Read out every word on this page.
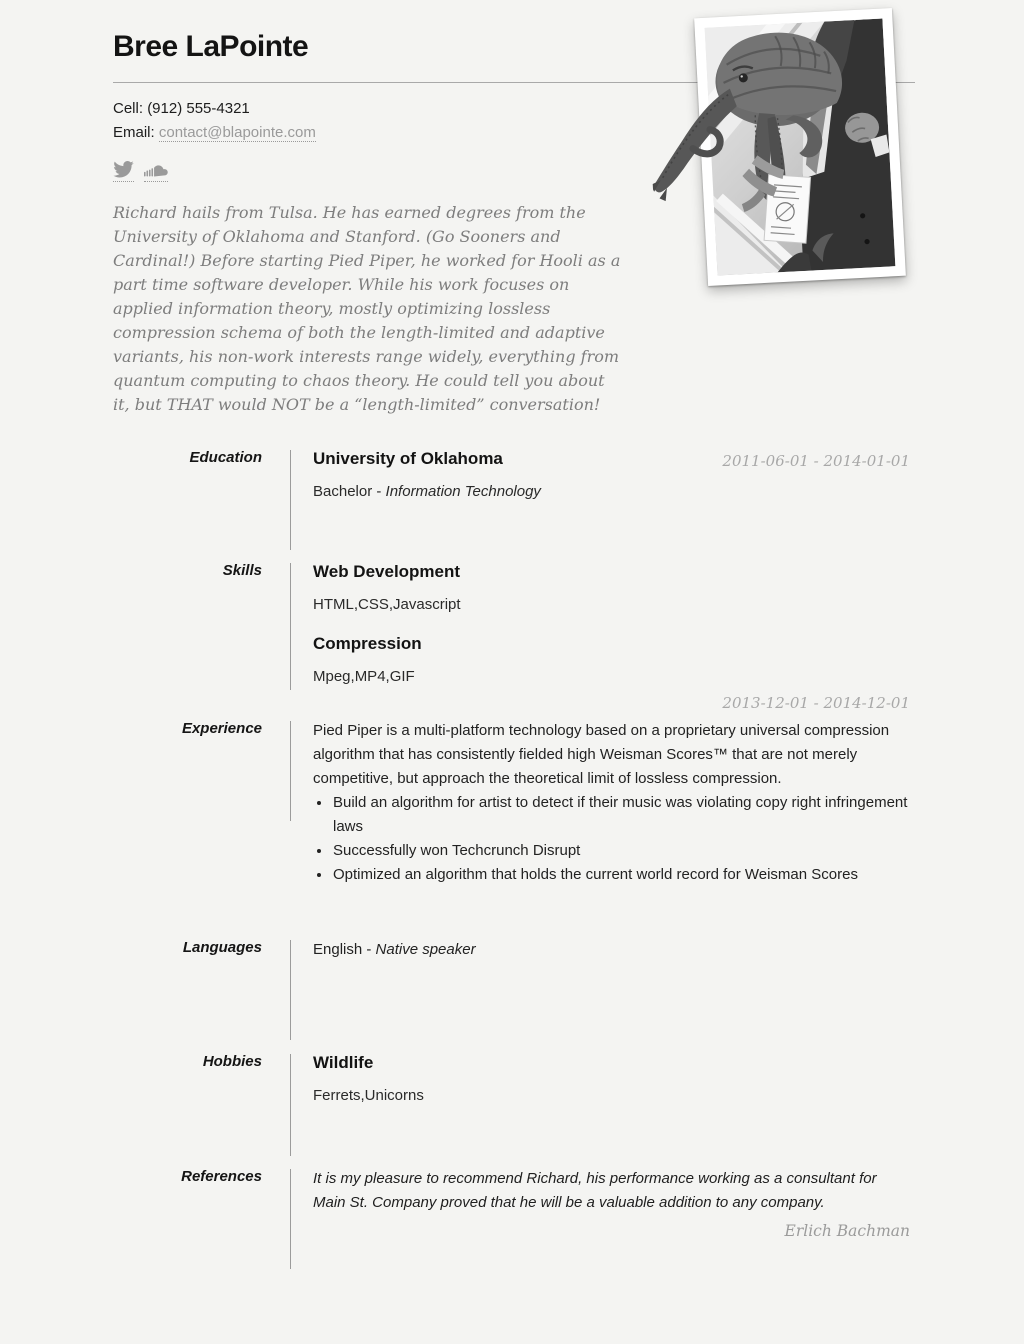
Bree LaPointe
Cell: (912) 555-4321
Email: contact@blapointe.com

Richard hails from Tulsa. He has earned degrees from the University of Oklahoma and Stanford. (Go Sooners and Cardinal!) Before starting Pied Piper, he worked for Hooli as a part time software developer. While his work focuses on applied information theory, mostly optimizing lossless compression schema of both the length-limited and adaptive variants, his non-work interests range widely, everything from quantum computing to chaos theory. He could tell you about it, but THAT would NOT be a “length-limited” conversation!

Education	2011-06-01 - 2014-01-01
University of Oklahoma

Bachelor - Information Technology

Skills	Web Development

HTML,CSS,Javascript

Compression

Mpeg,MP4,GIF

2013-12-01 - 2014-12-01
Experience	Pied Piper is a multi-platform technology based on a proprietary universal compression algorithm that has consistently fielded high Weisman Scores™ that are not merely competitive, but approach the theoretical limit of lossless compression.

• Build an algorithm for artist to detect if their music was violating copy right infringement laws
• Successfully won Techcrunch Disrupt
• Optimized an algorithm that holds the current world record for Weisman Scores
Languages	English - Native speaker

Hobbies	Wildlife

Ferrets,Unicorns

References	It is my pleasure to recommend Richard, his performance working as a consultant for Main St. Company proved that he will be a valuable addition to any company.

Erlich Bachman
